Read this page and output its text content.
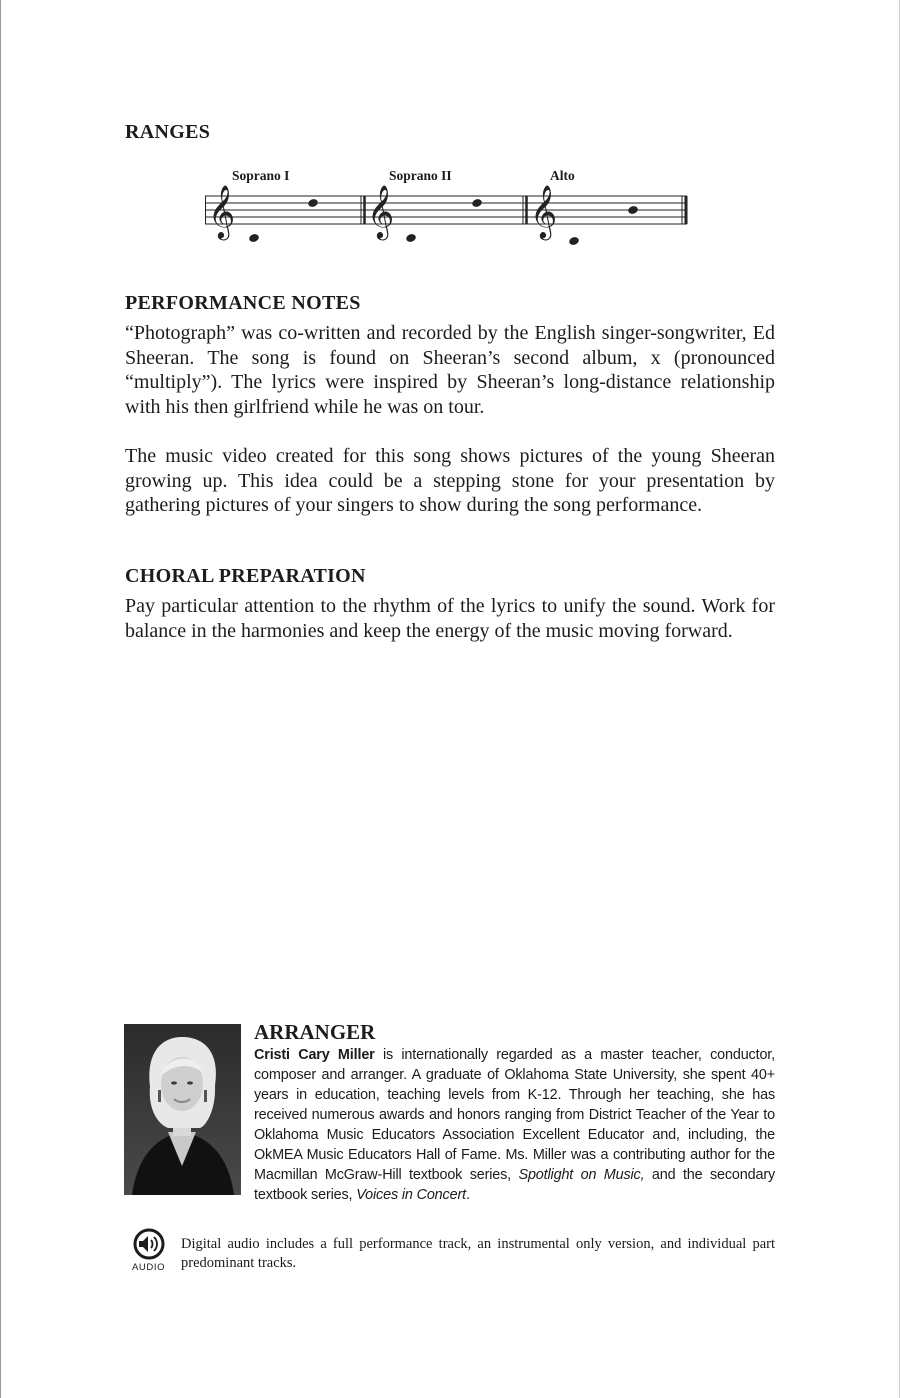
RANGES
Soprano I	Soprano II	Alto
𝄞	𝄞	𝄞
PERFORMANCE NOTES

“Photograph” was co-written and recorded by the English singer-songwriter, Ed Sheeran. The song is found on Sheeran’s second album, x (pronounced “multiply”). The lyrics were inspired by Sheeran’s long-distance relationship with his then girlfriend while he was on tour.

The music video created for this song shows pictures of the young Sheeran growing up. This idea could be a stepping stone for your presentation by gathering pictures of your singers to show during the song performance.

CHORAL PREPARATION

Pay particular attention to the rhythm of the lyrics to unify the sound. Work for balance in the harmonies and keep the energy of the music moving forward.

ARRANGER

Cristi Cary Miller is internationally regarded as a master teacher, conductor, composer and arranger. A graduate of Oklahoma State University, she spent 40+ years in education, teaching levels from K-12. Through her teaching, she has received numerous awards and honors ranging from District Teacher of the Year to Oklahoma Music Educators Association Excellent Educator and, including, the OkMEA Music Educators Hall of Fame. Ms. Miller was a contributing author for the Macmillan McGraw-Hill textbook series, Spotlight on Music, and the secondary textbook series, Voices in Concert.

AUDIO

Digital audio includes a full performance track, an instrumental only version, and individual part predominant tracks.
